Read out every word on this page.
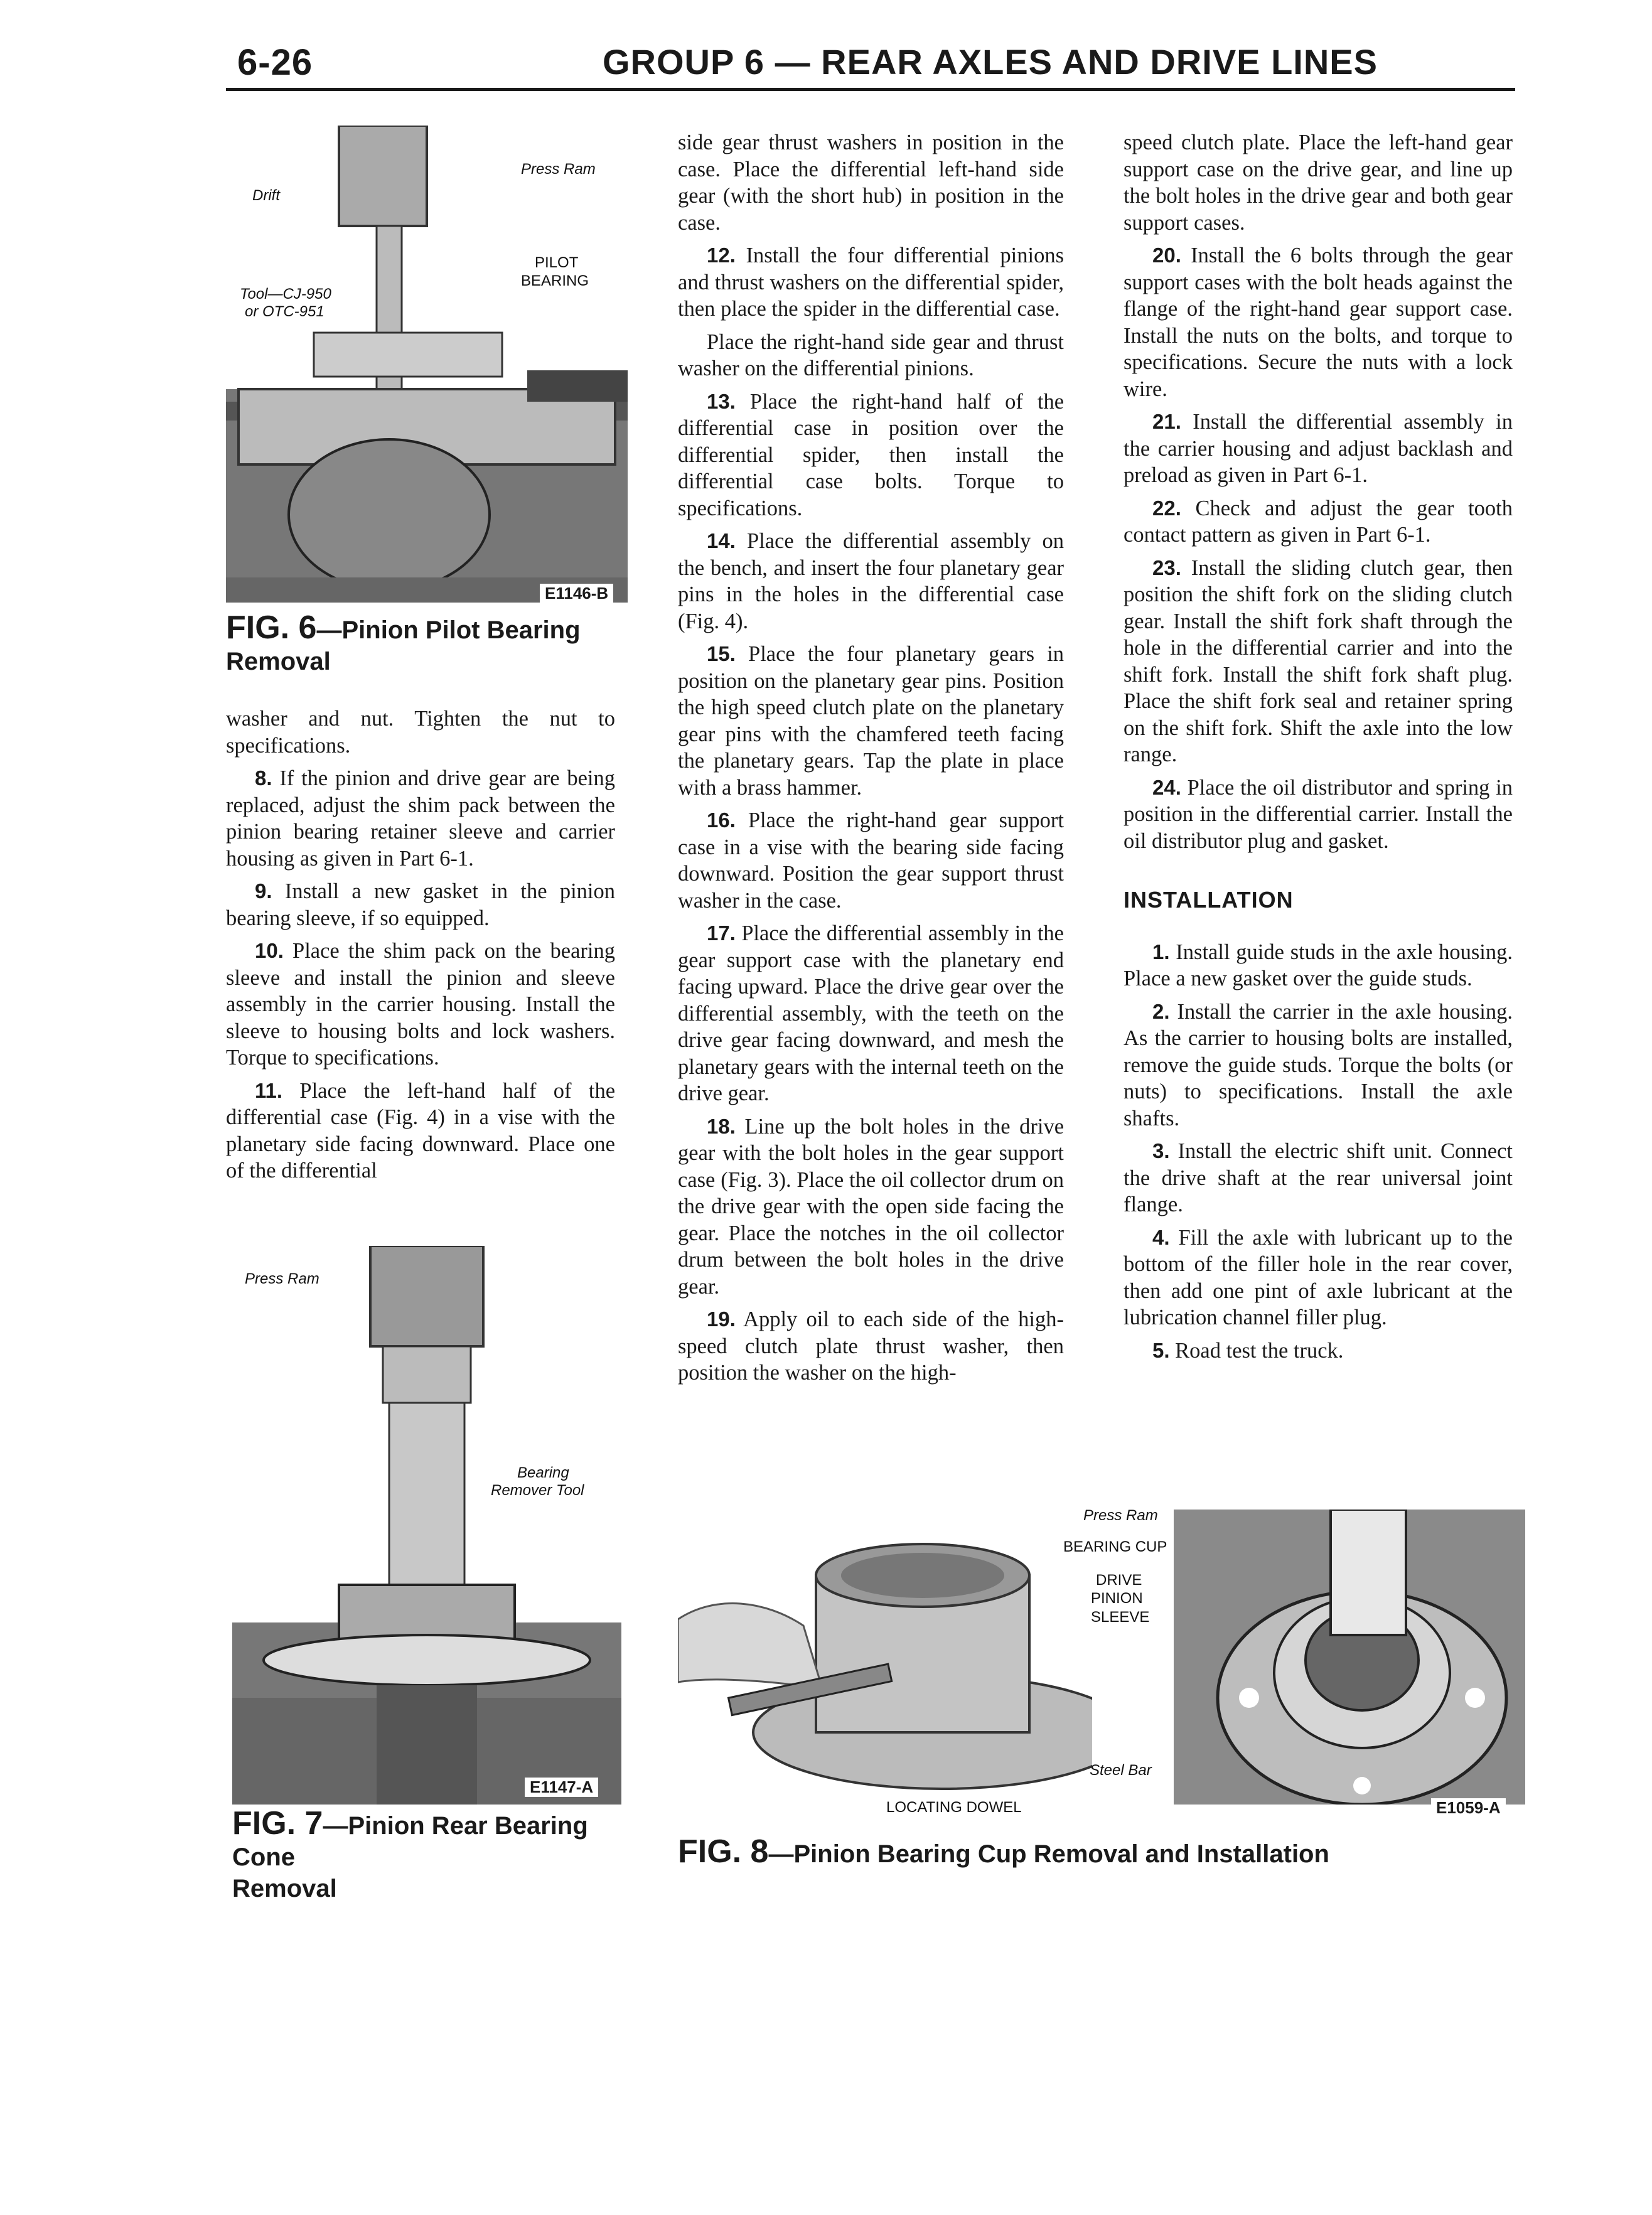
6-26	GROUP 6 — REAR AXLES AND DRIVE LINES
Press Ram
Drift
PILOT
BEARING
Tool—CJ-950
or OTC-951
E1146-B
FIG. 6—Pinion Pilot Bearing
Removal

washer and nut. Tighten the nut to specifications.

8. If the pinion and drive gear are being replaced, adjust the shim pack between the pinion bearing retainer sleeve and carrier housing as given in Part 6-1.

9. Install a new gasket in the pinion bearing sleeve, if so equipped.

10. Place the shim pack on the bearing sleeve and install the pinion and sleeve assembly in the carrier housing. Install the sleeve to housing bolts and lock washers. Torque to specifications.

11. Place the left-hand half of the differential case (Fig. 4) in a vise with the planetary side facing downward. Place one of the differential

Press Ram
Bearing
Remover Tool
E1147-A
FIG. 7—Pinion Rear Bearing Cone
Removal

side gear thrust washers in position in the case. Place the differential left-hand side gear (with the short hub) in position in the case.

12. Install the four differential pinions and thrust washers on the differential spider, then place the spider in the differential case.

Place the right-hand side gear and thrust washer on the differential pinions.

13. Place the right-hand half of the differential case in position over the differential spider, then install the differential case bolts. Torque to specifications.

14. Place the differential assembly on the bench, and insert the four planetary gear pins in the holes in the differential case (Fig. 4).

15. Place the four planetary gears in position on the planetary gear pins. Position the high speed clutch plate on the planetary gear pins with the chamfered teeth facing the planetary gears. Tap the plate in place with a brass hammer.

16. Place the right-hand gear support case in a vise with the bearing side facing downward. Position the gear support thrust washer in the case.

17. Place the differential assembly in the gear support case with the planetary end facing upward. Place the drive gear over the differential assembly, with the teeth on the drive gear facing downward, and mesh the planetary gears with the internal teeth on the drive gear.

18. Line up the bolt holes in the drive gear with the bolt holes in the gear support case (Fig. 3). Place the oil collector drum on the drive gear with the open side facing the gear. Place the notches in the oil collector drum between the bolt holes in the drive gear.

19. Apply oil to each side of the high-speed clutch plate thrust washer, then position the washer on the high-

speed clutch plate. Place the left-hand gear support case on the drive gear, and line up the bolt holes in the drive gear and both gear support cases.

20. Install the 6 bolts through the gear support cases with the bolt heads against the flange of the right-hand gear support case. Install the nuts on the bolts, and torque to specifications. Secure the nuts with a lock wire.

21. Install the differential assembly in the carrier housing and adjust backlash and preload as given in Part 6-1.

22. Check and adjust the gear tooth contact pattern as given in Part 6-1.

23. Install the sliding clutch gear, then position the shift fork on the sliding clutch gear. Install the shift fork shaft through the hole in the differential carrier and into the shift fork. Install the shift fork shaft plug. Place the shift fork seal and retainer spring on the shift fork. Shift the axle into the low range.

24. Place the oil distributor and spring in position in the differential carrier. Install the oil distributor plug and gasket.

INSTALLATION

1. Install guide studs in the axle housing. Place a new gasket over the guide studs.

2. Install the carrier in the axle housing. As the carrier to housing bolts are installed, remove the guide studs. Torque the bolts (or nuts) to specifications. Install the axle shafts.

3. Install the electric shift unit. Connect the drive shaft at the rear universal joint flange.

4. Fill the axle with lubricant up to the bottom of the filler hole in the rear cover, then add one pint of axle lubricant at the lubrication channel filler plug.

5. Road test the truck.

Press Ram
BEARING CUP
DRIVE
PINION
SLEEVE
Steel Bar
LOCATING DOWEL	E1059-A
FIG. 8—Pinion Bearing Cup Removal and Installation
